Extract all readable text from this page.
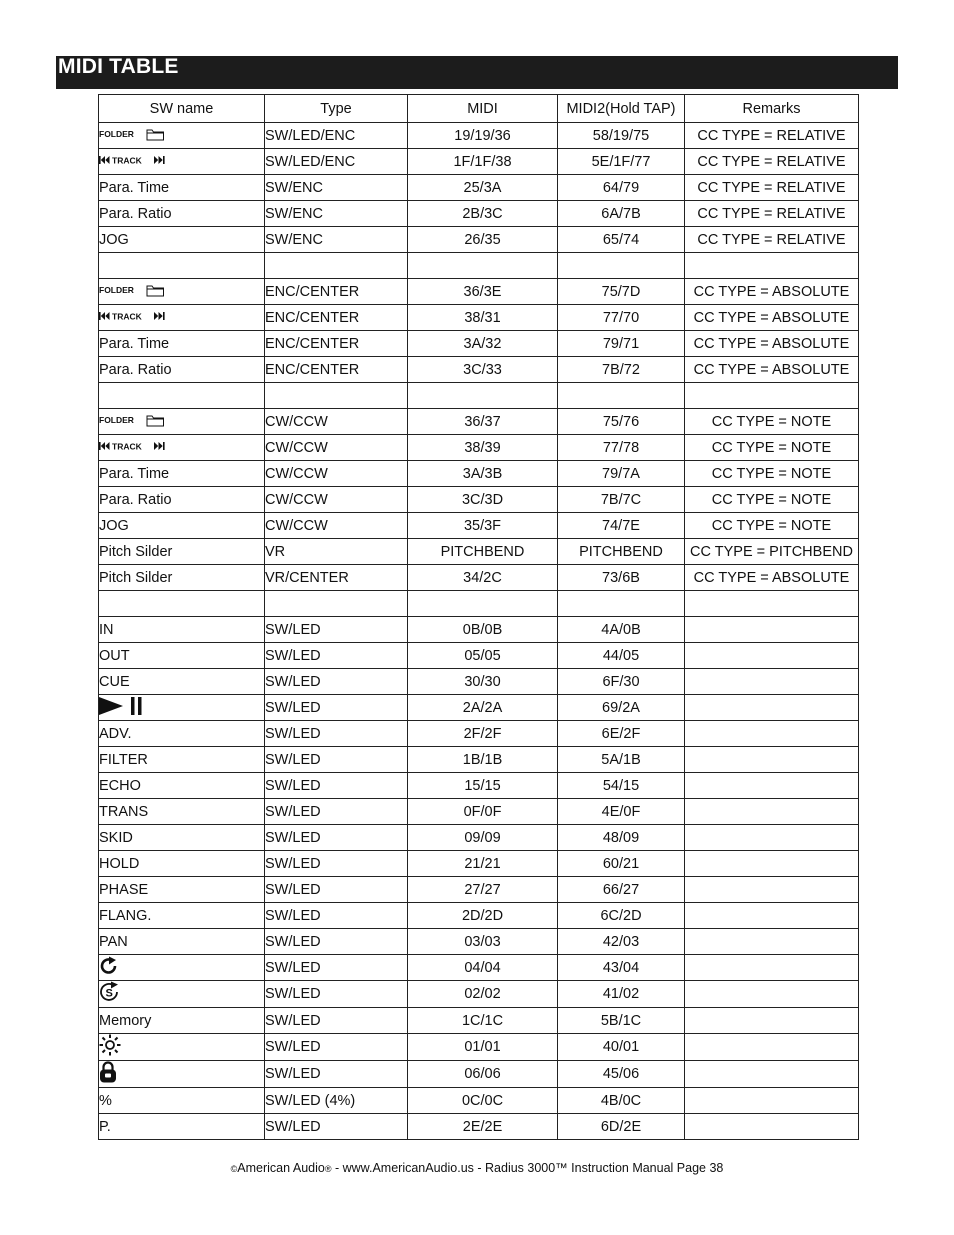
MIDI TABLE
SW name	Type	MIDI	MIDI2(Hold TAP)	Remarks

FOLDER	SW/LED/ENC	19/19/36	58/19/75	CC TYPE = RELATIVE

TRACK	SW/LED/ENC	1F/1F/38	5E/1F/77	CC TYPE = RELATIVE
Para. Time	SW/ENC	25/3A	64/79	CC TYPE = RELATIVE
Para. Ratio	SW/ENC	2B/3C	6A/7B	CC TYPE = RELATIVE
JOG	SW/ENC	26/35	65/74	CC TYPE = RELATIVE

FOLDER	ENC/CENTER	36/3E	75/7D	CC TYPE = ABSOLUTE

TRACK	ENC/CENTER	38/31	77/70	CC TYPE = ABSOLUTE
Para. Time	ENC/CENTER	3A/32	79/71	CC TYPE = ABSOLUTE
Para. Ratio	ENC/CENTER	3C/33	7B/72	CC TYPE = ABSOLUTE

FOLDER	CW/CCW	36/37	75/76	CC TYPE = NOTE

TRACK	CW/CCW	38/39	77/78	CC TYPE = NOTE
Para. Time	CW/CCW	3A/3B	79/7A	CC TYPE = NOTE
Para. Ratio	CW/CCW	3C/3D	7B/7C	CC TYPE = NOTE
JOG	CW/CCW	35/3F	74/7E	CC TYPE = NOTE
Pitch Silder	VR	PITCHBEND	PITCHBEND	CC TYPE = PITCHBEND
Pitch Silder	VR/CENTER	34/2C	73/6B	CC TYPE = ABSOLUTE

IN	SW/LED	0B/0B	4A/0B	
OUT	SW/LED	05/05	44/05	
CUE	SW/LED	30/30	6F/30	
	SW/LED	2A/2A	69/2A	
ADV.	SW/LED	2F/2F	6E/2F	
FILTER	SW/LED	1B/1B	5A/1B	
ECHO	SW/LED	15/15	54/15	
TRANS	SW/LED	0F/0F	4E/0F	
SKID	SW/LED	09/09	48/09	
HOLD	SW/LED	21/21	60/21	
PHASE	SW/LED	27/27	66/27	
FLANG.	SW/LED	2D/2D	6C/2D	
PAN	SW/LED	03/03	42/03	
	SW/LED	04/04	43/04	

S	SW/LED	02/02	41/02	
Memory	SW/LED	1C/1C	5B/1C	
	SW/LED	01/01	40/01	
	SW/LED	06/06	45/06	
%	SW/LED (4%)	0C/0C	4B/0C	
P.	SW/LED	2E/2E	6D/2E	
©American Audio® - www.AmericanAudio.us - Radius 3000™ Instruction Manual Page 38
